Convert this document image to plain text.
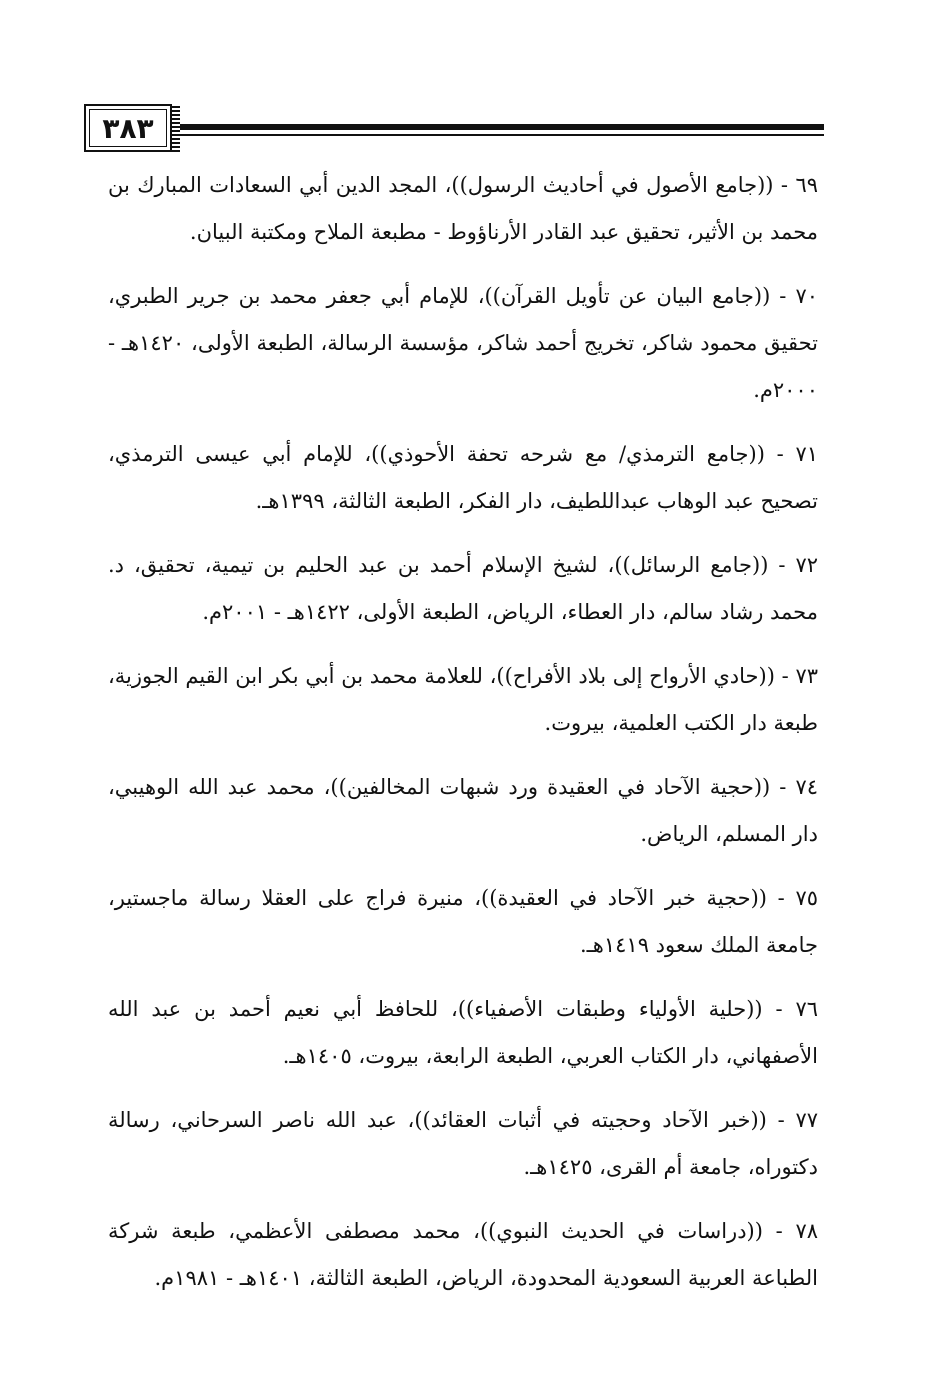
٣٨٣

٦٩ - ((جامع الأصول في أحاديث الرسول))، المجد الدين أبي السعادات المبارك بن محمد بن الأثير، تحقيق عبد القادر الأرناؤوط - مطبعة الملاح ومكتبة البيان.

٧٠ - ((جامع البيان عن تأويل القرآن))، للإمام أبي جعفر محمد بن جرير الطبري، تحقيق محمود شاكر، تخريج أحمد شاكر، مؤسسة الرسالة، الطبعة الأولى، ١٤٢٠هـ - ٢٠٠٠م.

٧١ - ((جامع الترمذي/ مع شرحه تحفة الأحوذي))، للإمام أبي عيسى الترمذي، تصحيح عبد الوهاب عبداللطيف، دار الفكر، الطبعة الثالثة، ١٣٩٩هـ.

٧٢ - ((جامع الرسائل))، لشيخ الإسلام أحمد بن عبد الحليم بن تيمية، تحقيق، د. محمد رشاد سالم، دار العطاء، الرياض، الطبعة الأولى، ١٤٢٢هـ - ٢٠٠١م.

٧٣ - ((حادي الأرواح إلى بلاد الأفراح))، للعلامة محمد بن أبي بكر ابن القيم الجوزية، طبعة دار الكتب العلمية، بيروت.

٧٤ - ((حجية الآحاد في العقيدة ورد شبهات المخالفين))، محمد عبد الله الوهيبي، دار المسلم، الرياض.

٧٥ - ((حجية خبر الآحاد في العقيدة))، منيرة فراج على العقلا رسالة ماجستير، جامعة الملك سعود ١٤١٩هـ.

٧٦ - ((حلية الأولياء وطبقات الأصفياء))، للحافظ أبي نعيم أحمد بن عبد الله الأصفهاني، دار الكتاب العربي، الطبعة الرابعة، بيروت، ١٤٠٥هـ.

٧٧ - ((خبر الآحاد وحجيته في أثبات العقائد))، عبد الله ناصر السرحاني، رسالة دكتوراه، جامعة أم القرى، ١٤٢٥هـ.

٧٨ - ((دراسات في الحديث النبوي))، محمد مصطفى الأعظمي، طبعة شركة الطباعة العربية السعودية المحدودة، الرياض، الطبعة الثالثة، ١٤٠١هـ - ١٩٨١م.
